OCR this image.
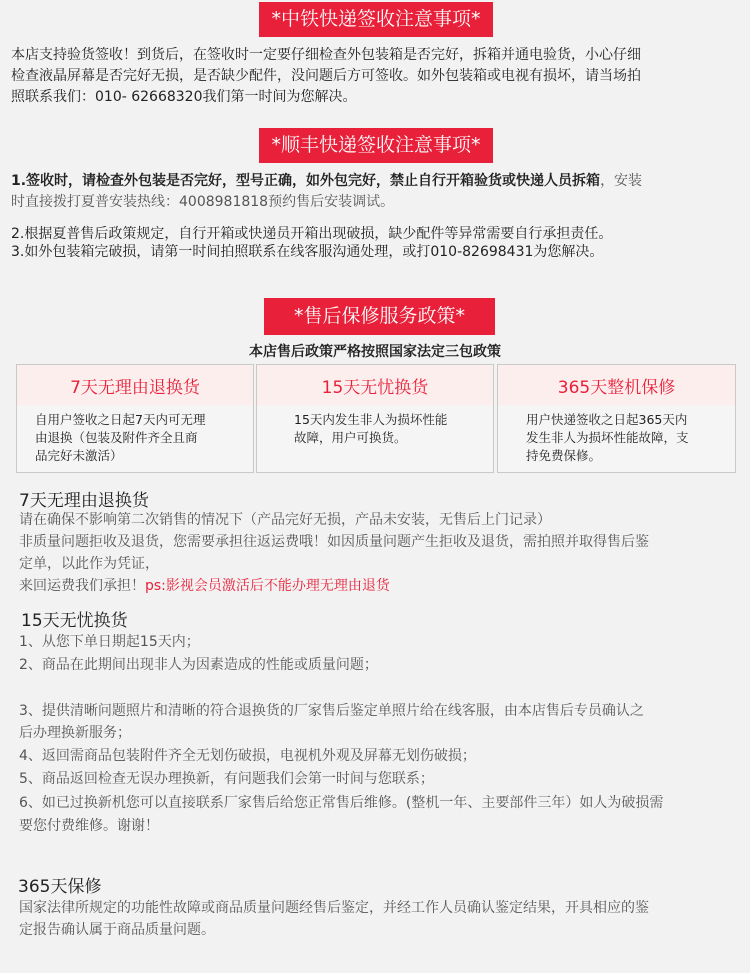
*中铁快递签收注意事项*

本店支持验货签收！到货后，在签收时一定要仔细检查外包装箱是否完好，拆箱并通电验货，小心仔细

检查液晶屏幕是否完好无损，是否缺少配件，没问题后方可签收。如外包装箱或电视有损坏，请当场拍

照联系我们：010- 62668320我们第一时间为您解决。

*顺丰快递签收注意事项*

1.签收时，请检查外包装是否完好，型号正确，如外包完好，禁止自行开箱验货或快递人员拆箱，安装

时直接拨打夏普安装热线：4008981818预约售后安装调试。

2.根据夏普售后政策规定，自行开箱或快递员开箱出现破损，缺少配件等异常需要自行承担责任。

3.如外包装箱完破损，请第一时间拍照联系在线客服沟通处理，或打010-82698431为您解决。

*售后保修服务政策*
本店售后政策严格按照国家法定三包政策
7天无理由退换货
自用户签收之日起7天内可无理
由退换（包装及附件齐全且商
品完好未激活）
15天无忧换货
15天内发生非人为损坏性能
故障，用户可换货。
365天整机保修
用户快递签收之日起365天内
发生非人为损坏性能故障，支
持免费保修。
7天无理由退换货

请在确保不影响第二次销售的情况下（产品完好无损，产品未安装，无售后上门记录）

非质量问题拒收及退货，您需要承担往返运费哦！如因质量问题产生拒收及退货，需拍照并取得售后鉴

定单，以此作为凭证，

来回运费我们承担！ps:影视会员激活后不能办理无理由退货

15天无忧换货

1、从您下单日期起15天内；

2、商品在此期间出现非人为因素造成的性能或质量问题；

3、提供清晰问题照片和清晰的符合退换货的厂家售后鉴定单照片给在线客服，由本店售后专员确认之

后办理换新服务；

4、返回需商品包装附件齐全无划伤破损，电视机外观及屏幕无划伤破损；

5、商品返回检查无误办理换新，有问题我们会第一时间与您联系；

6、如已过换新机您可以直接联系厂家售后给您正常售后维修。(整机一年、主要部件三年）如人为破损需

要您付费维修。谢谢！

365天保修

国家法律所规定的功能性故障或商品质量问题经售后鉴定，并经工作人员确认鉴定结果，开具相应的鉴

定报告确认属于商品质量问题。
